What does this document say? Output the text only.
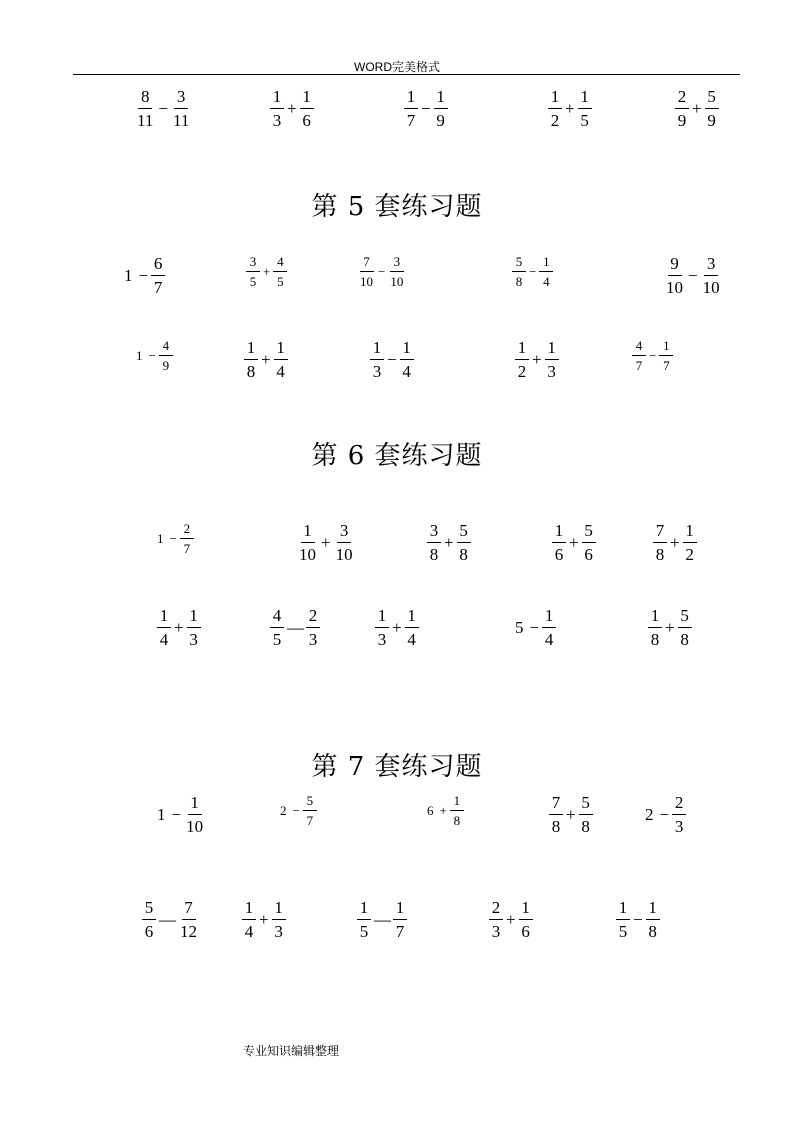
WORD完美格式
第 5 套练习题
第 6 套练习题
第 7 套练习题
$\frac{8}{11} - \frac{3}{11}$	$\frac{1}{3} + \frac{1}{6}$	$\frac{1}{7} - \frac{1}{9}$	$\frac{1}{2} + \frac{1}{5}$	$\frac{2}{9} + \frac{5}{9}$
$1 - \frac{6}{7}$	$\frac{3}{5} + \frac{4}{5}$	$\frac{7}{10} - \frac{3}{10}$	$\frac{5}{8} - \frac{1}{4}$	$\frac{9}{10} - \frac{3}{10}$
$1 - \frac{4}{9}$	$\frac{1}{8} + \frac{1}{4}$	$\frac{1}{3} - \frac{1}{4}$	$\frac{1}{2} + \frac{1}{3}$	$\frac{4}{7} - \frac{1}{7}$
$1 - \frac{2}{7}$	$\frac{1}{10} + \frac{3}{10}$	$\frac{3}{8} + \frac{5}{8}$	$\frac{1}{6} + \frac{5}{6}$	$\frac{7}{8} + \frac{1}{2}$
$\frac{1}{4} + \frac{1}{3}$	$\frac{4}{5}$ — $\frac{2}{3}$	$\frac{1}{3} + \frac{1}{4}$	$5 - \frac{1}{4}$	$\frac{1}{8} + \frac{5}{8}$
$1 - \frac{1}{10}$	$2 - \frac{5}{7}$	$6 + \frac{1}{8}$	$\frac{7}{8} + \frac{5}{8}$	$2 - \frac{2}{3}$
$\frac{5}{6}$ — $\frac{7}{12}$	$\frac{1}{4} + \frac{1}{3}$	$\frac{1}{5}$ — $\frac{1}{7}$	$\frac{2}{3} + \frac{1}{6}$	$\frac{1}{5} - \frac{1}{8}$
专业知识编辑整理
